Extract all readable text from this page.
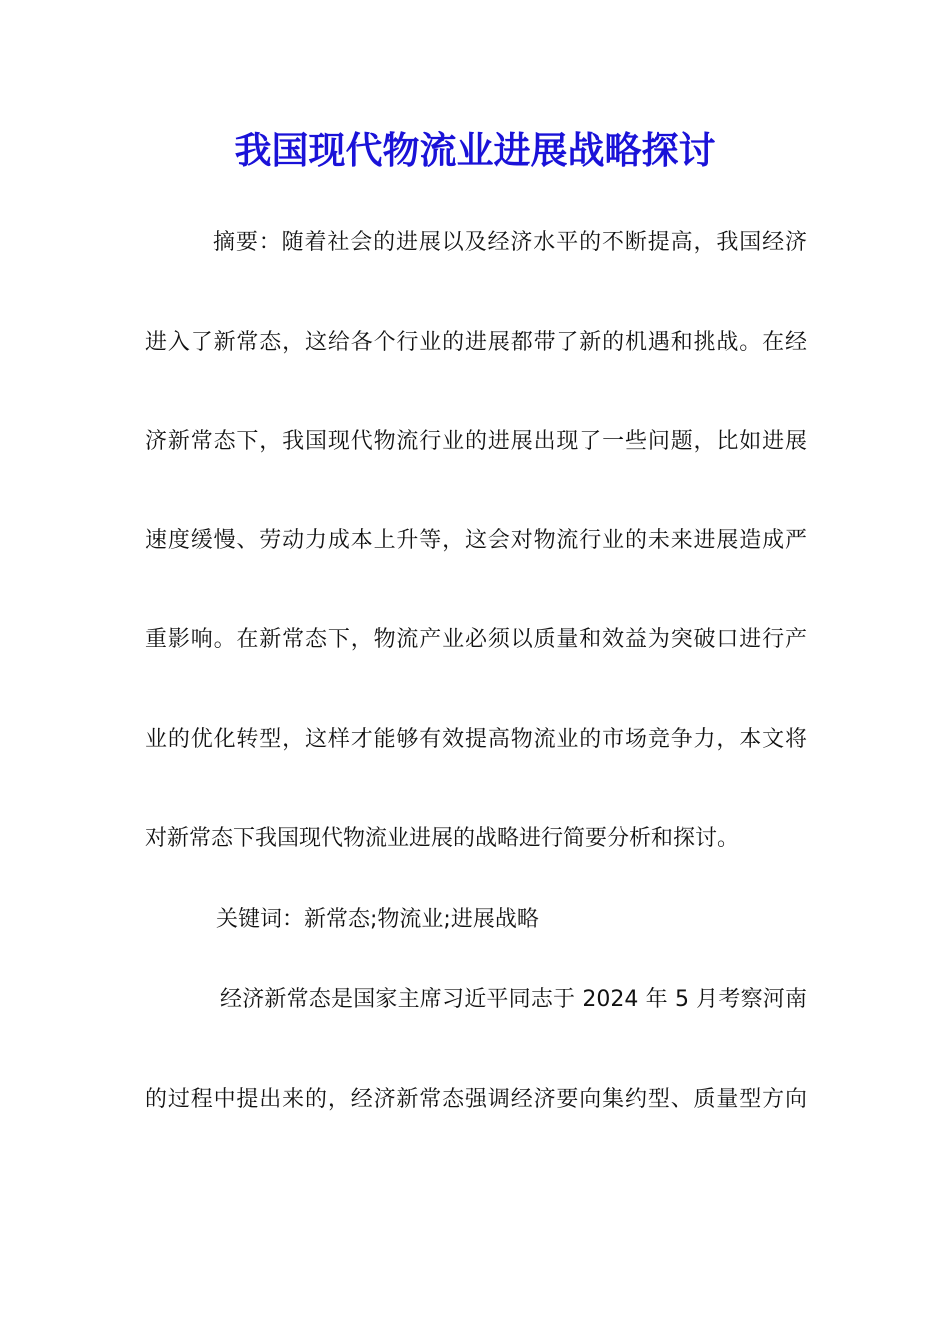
我国现代物流业进展战略探讨
摘要：随着社会的进展以及经济水平的不断提高，我国经济
进入了新常态，这给各个行业的进展都带了新的机遇和挑战。在经
济新常态下，我国现代物流行业的进展出现了一些问题，比如进展
速度缓慢、劳动力成本上升等，这会对物流行业的未来进展造成严
重影响。在新常态下，物流产业必须以质量和效益为突破口进行产
业的优化转型，这样才能够有效提高物流业的市场竞争力，本文将
对新常态下我国现代物流业进展的战略进行简要分析和探讨。
关键词：新常态;物流业;进展战略
经济新常态是国家主席习近平同志于 2024 年 5 月考察河南
的过程中提出来的，经济新常态强调经济要向集约型、质量型方向
